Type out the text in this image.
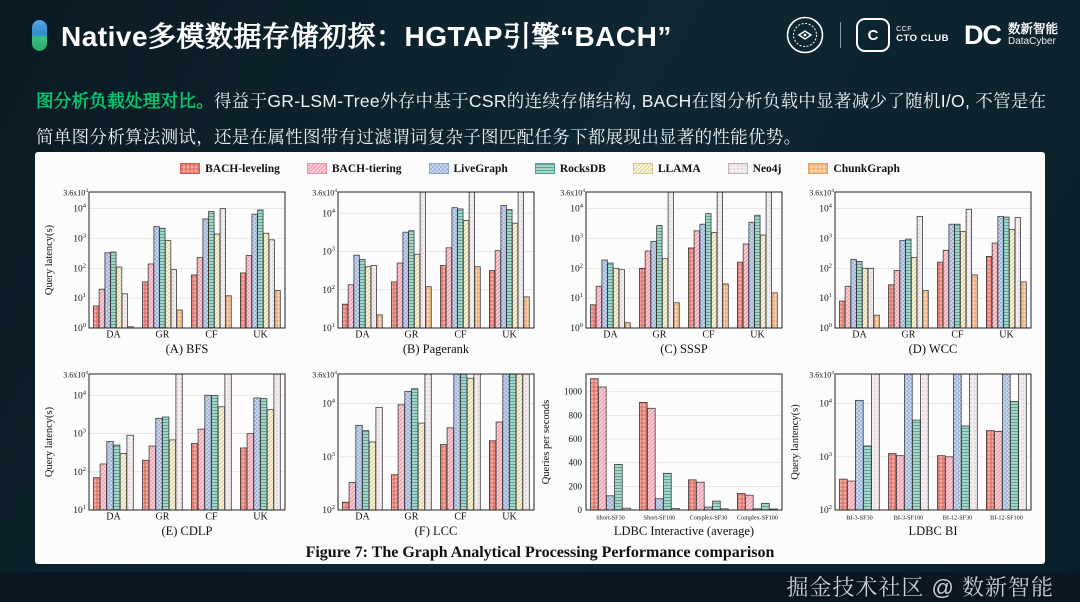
Native多模数据存储初探：HGTAP引擎“BACH”	C	CCF
CTO CLUB DC 数新智能
DataCyber
图分析负载处理对比。得益于GR-LSM-Tree外存中基于CSR的连续存储结构, BACH在图分析负载中显著减少了随机I/O, 不管是在简单图分析算法测试，还是在属性图带有过滤谓词复杂子图匹配任务下都展现出显著的性能优势。
BACH-leveling	BACH-tiering	LiveGraph	RocksDB	LLAMA	Neo4j	ChunkGraph
$10^0$
$10^1$
$10^2$
$10^3$
$10^4$
$3.6x10^4$
DA	GR	CF	UK
(A) BFS
Query latency(s)
$10^1$
$10^2$
$10^3$
$10^4$
$3.6x10^4$
DA	GR	CF	UK
(B) Pagerank
$10^0$
$10^1$
$10^2$
$10^3$
$10^4$
$3.6x10^4$
DA	GR	CF	UK
(C) SSSP
$10^0$
$10^1$
$10^2$
$10^3$
$10^4$
$3.6x10^4$
DA	GR	CF	UK
(D) WCC
$10^1$
$10^2$
$10^3$
$10^4$
$3.6x10^4$
DA	GR	CF	UK
(E) CDLP
Query latency(s)
$10^2$
$10^3$
$10^4$
$3.6x10^4$
DA	GR	CF	UK
(F) LCC
0
200
400
600
800
1000
Short-SF30	Short-SF100 Complex-SF30 Complex-SF100
LDBC Interactive (average)
Queries per seconds
$10^2$
$10^3$
$10^4$
$3.6x10^4$
BI-3-SF30	BI-3-SF100	BI-12-SF30	BI-12-SF100
LDBC BI
Query lantency(s)
Figure 7: The Graph Analytical Processing Performance comparison
掘金技术社区 @ 数新智能
